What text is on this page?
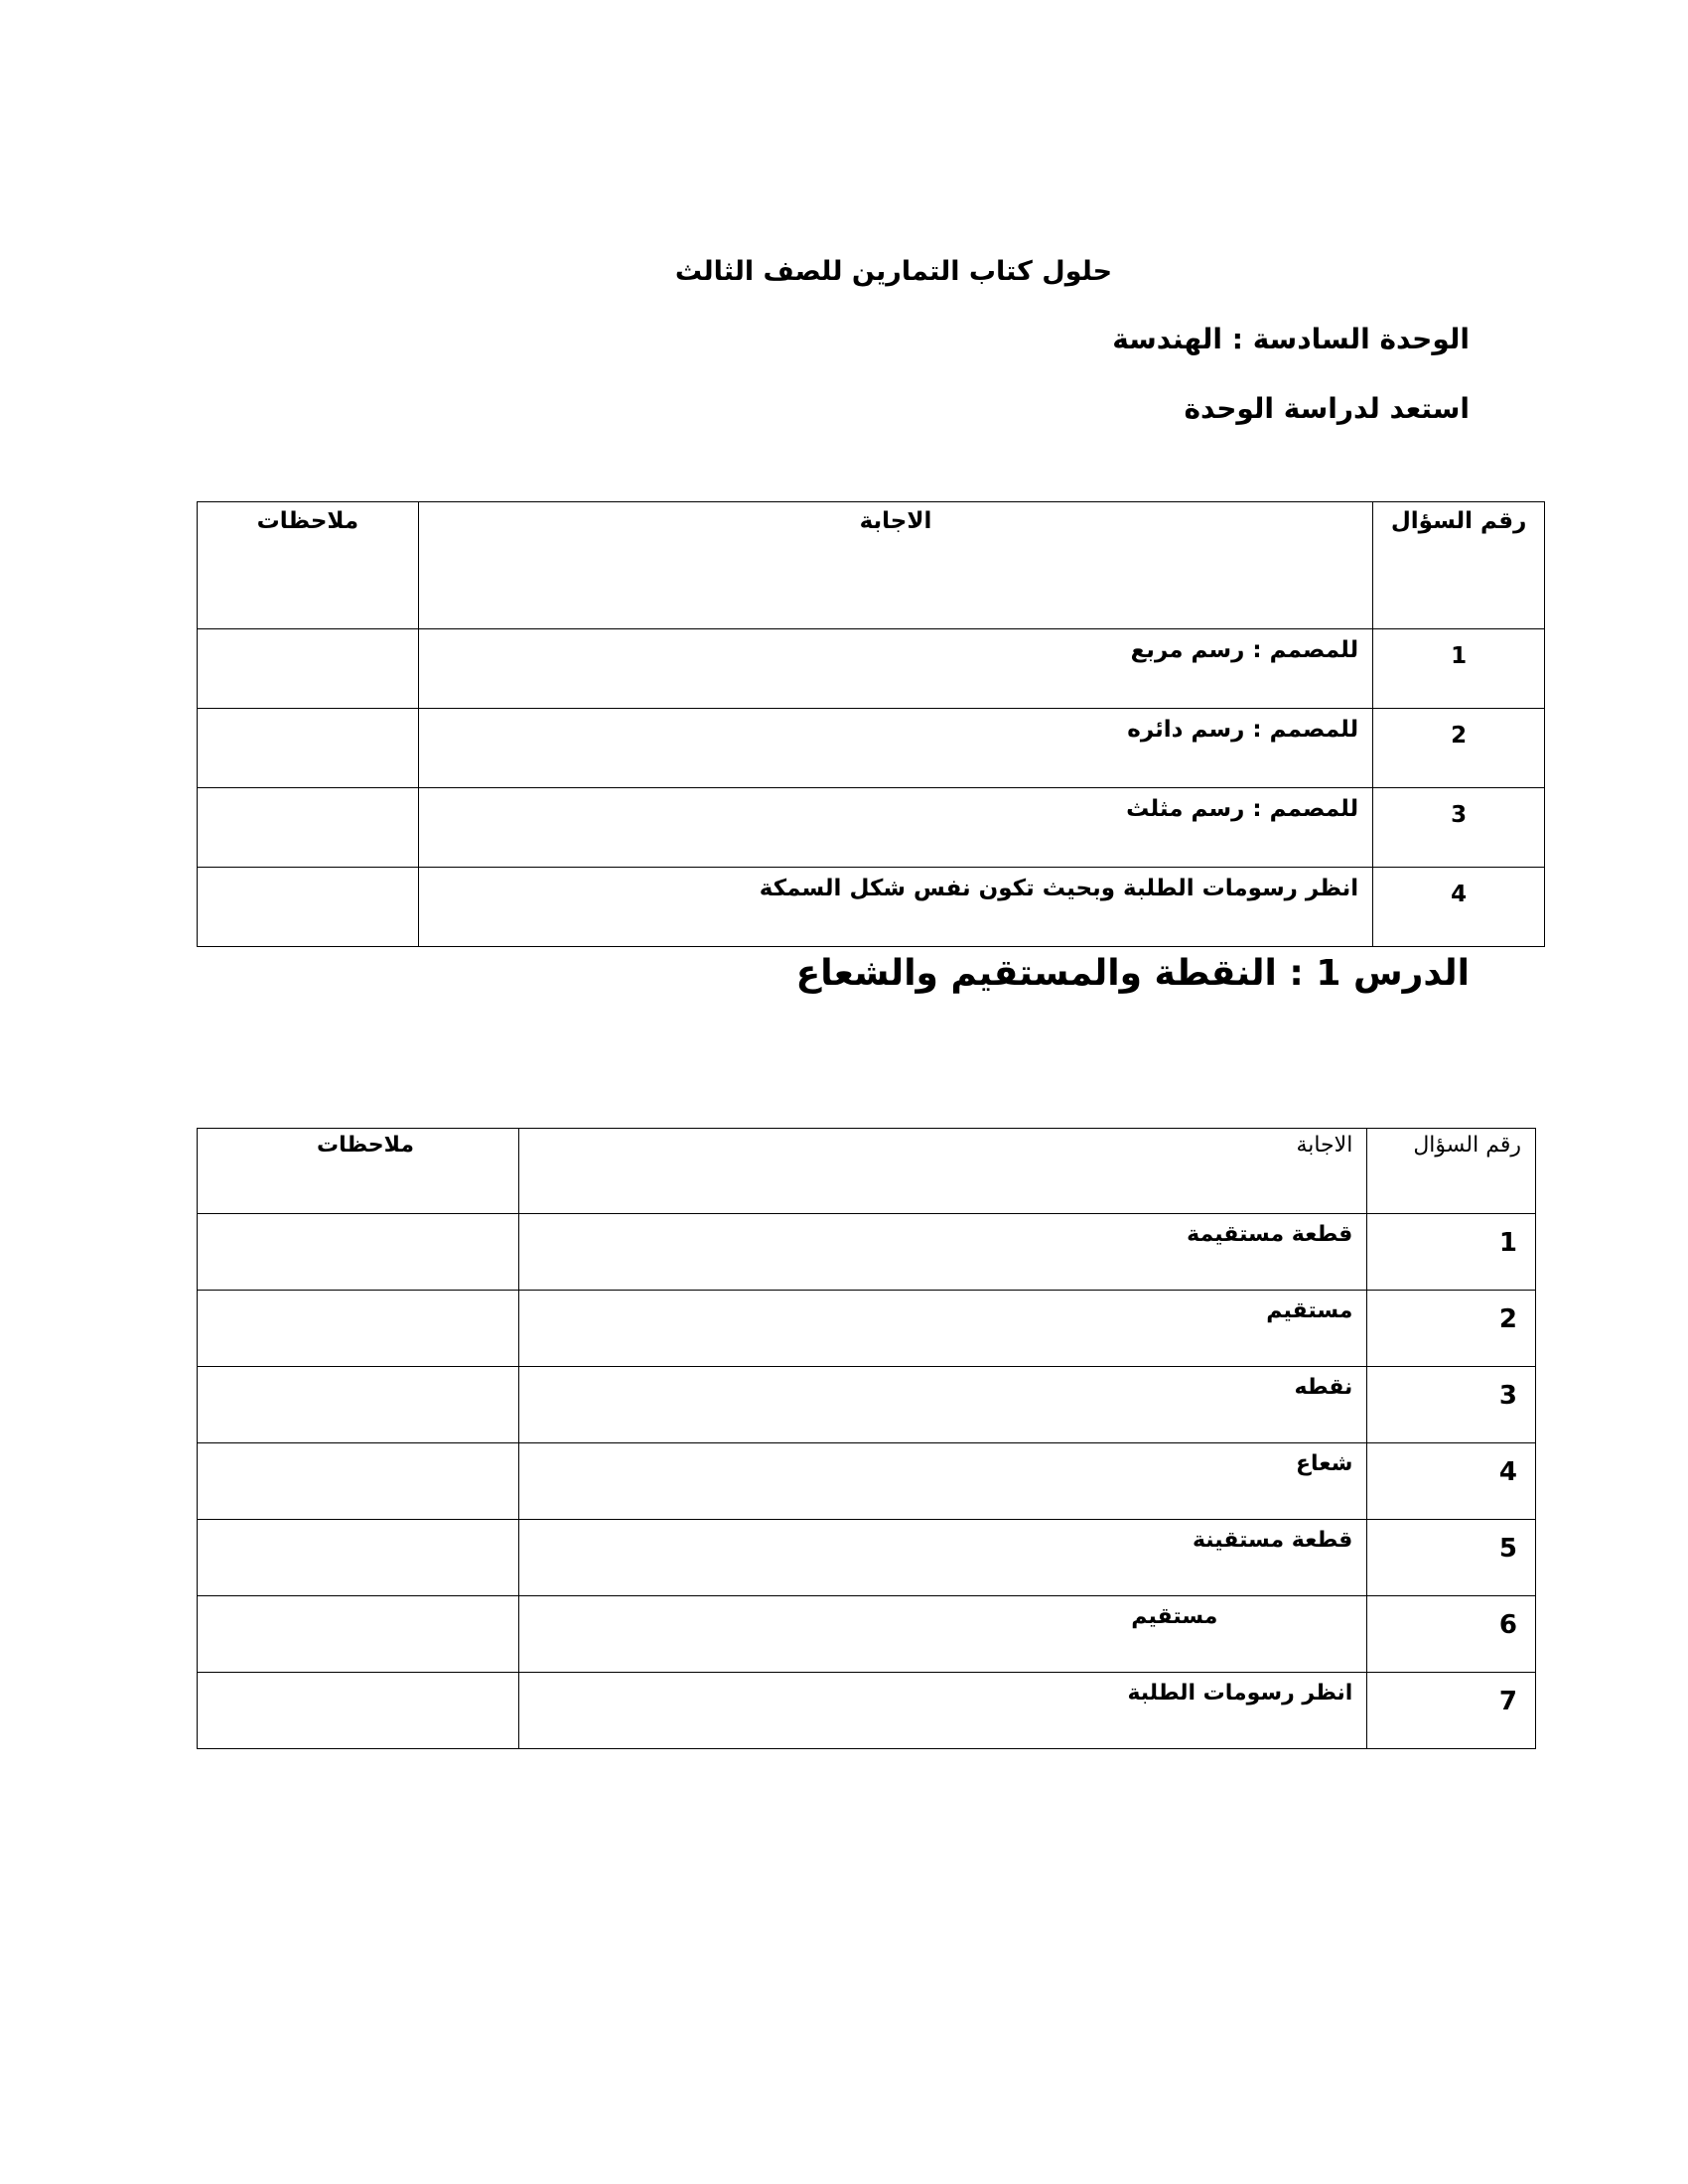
حلول كتاب التمارين للصف الثالث
الوحدة السادسة : الهندسة
استعد لدراسة الوحدة
رقم السؤال	الاجابة	ملاحظات
1	للمصمم : رسم مربع	
2	للمصمم : رسم دائره	
3	للمصمم : رسم مثلث	
4	انظر رسومات الطلبة وبحيث تكون نفس شكل السمكة	
الدرس 1 : النقطة والمستقيم والشعاع
رقم السؤال	الاجابة	ملاحظات
1	قطعة مستقيمة	
2	مستقيم	
3	نقطه	
4	شعاع	
5	قطعة مستقينة	
6	مستقيم	
7	انظر رسومات الطلبة	
